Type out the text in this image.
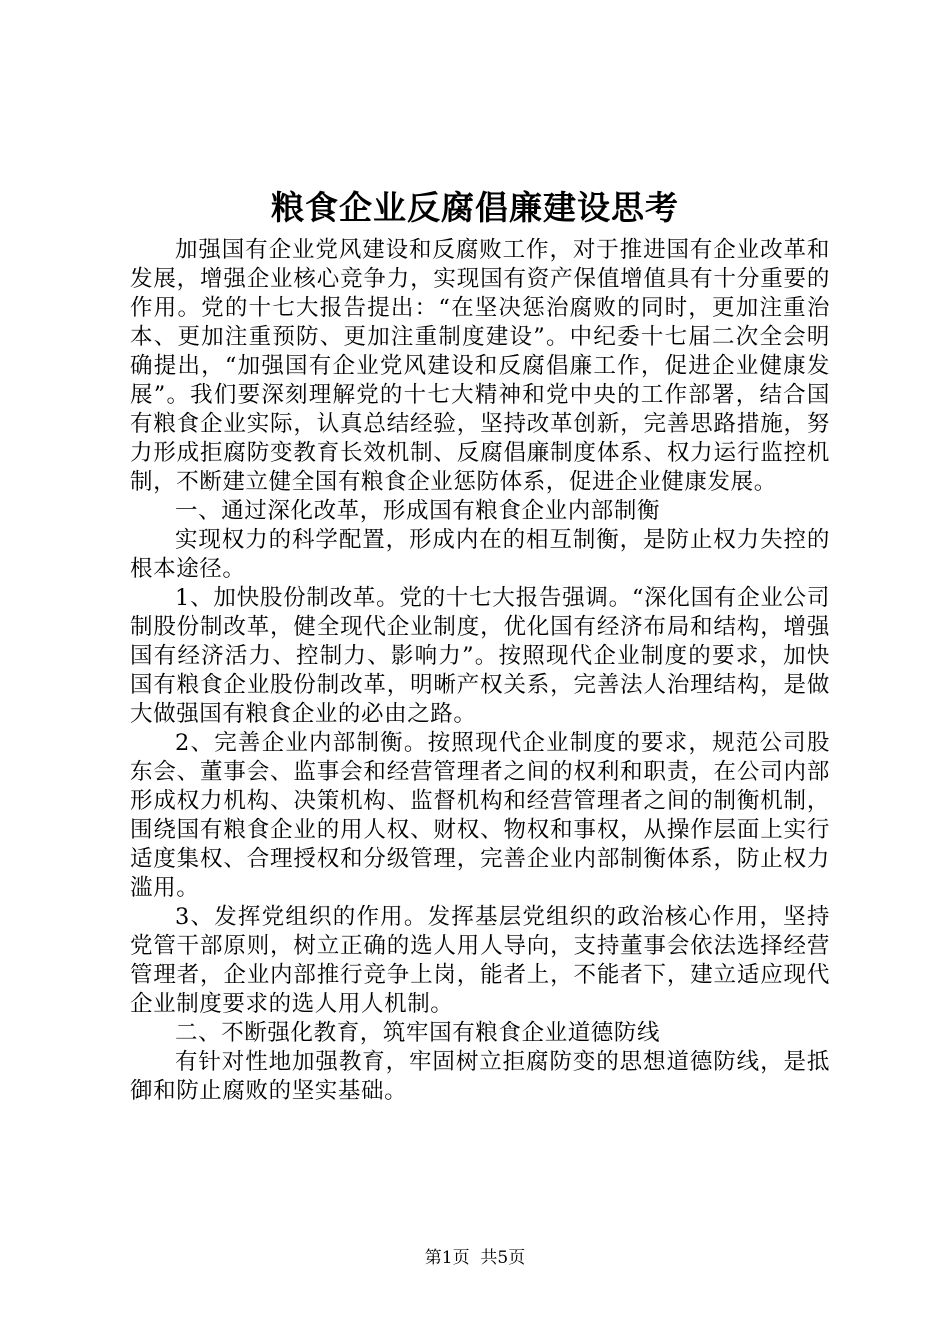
粮食企业反腐倡廉建设思考

加强国有企业党风建设和反腐败工作，对于推进国有企业改革和发展，增强企业核心竞争力，实现国有资产保值增值具有十分重要的作用。党的十七大报告提出：“在坚决惩治腐败的同时，更加注重治本、更加注重预防、更加注重制度建设”。中纪委十七届二次全会明确提出，“加强国有企业党风建设和反腐倡廉工作，促进企业健康发展”。我们要深刻理解党的十七大精神和党中央的工作部署，结合国有粮食企业实际，认真总结经验，坚持改革创新，完善思路措施，努力形成拒腐防变教育长效机制、反腐倡廉制度体系、权力运行监控机制，不断建立健全国有粮食企业惩防体系，促进企业健康发展。

一、通过深化改革，形成国有粮食企业内部制衡

实现权力的科学配置，形成内在的相互制衡，是防止权力失控的根本途径。

1、加快股份制改革。党的十七大报告强调。“深化国有企业公司制股份制改革，健全现代企业制度，优化国有经济布局和结构，增强国有经济活力、控制力、影响力”。按照现代企业制度的要求，加快国有粮食企业股份制改革，明晰产权关系，完善法人治理结构，是做大做强国有粮食企业的必由之路。

2、完善企业内部制衡。按照现代企业制度的要求，规范公司股东会、董事会、监事会和经营管理者之间的权利和职责，在公司内部形成权力机构、决策机构、监督机构和经营管理者之间的制衡机制，围绕国有粮食企业的用人权、财权、物权和事权，从操作层面上实行适度集权、合理授权和分级管理，完善企业内部制衡体系，防止权力滥用。

3、发挥党组织的作用。发挥基层党组织的政治核心作用，坚持党管干部原则，树立正确的选人用人导向，支持董事会依法选择经营管理者，企业内部推行竞争上岗，能者上，不能者下，建立适应现代企业制度要求的选人用人机制。

二、不断强化教育，筑牢国有粮食企业道德防线

有针对性地加强教育，牢固树立拒腐防变的思想道德防线，是抵御和防止腐败的坚实基础。

第1页 共5页
